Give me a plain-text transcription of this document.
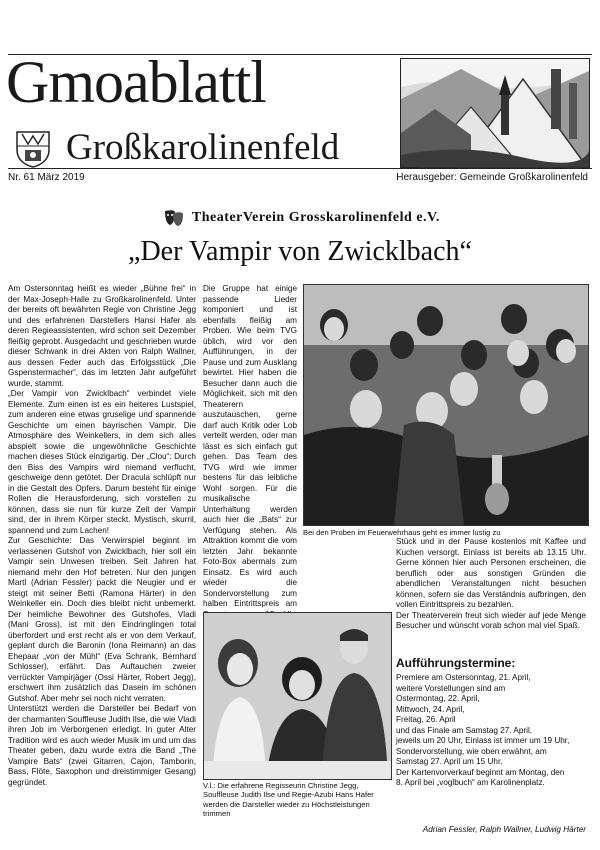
Gmoablattl
Großkarolinenfeld
Nr. 61 März 2019	Herausgeber: Gemeinde Großkarolinenfeld
TheaterVerein Grosskarolinenfeld e.V.
„Der Vampir von Zwicklbach“

Am Ostersonntag heißt es wieder „Bühne frei“ in der Max-Joseph-Halle zu Großkarolinenfeld. Unter der bereits oft bewährten Regie von Christine Jegg und des erfahrenen Darstellers Hansi Hafer als deren Regieassistenten, wird schon seit Dezember fleißig geprobt. Ausgedacht und geschrieben wurde dieser Schwank in drei Akten von Ralph Wallner, aus dessen Feder auch das Erfolgsstück „Die Gspenstermacher“, das im letzten Jahr aufgeführt wurde, stammt.

„Der Vampir von Zwicklbach“ verbindet viele Elemente. Zum einen ist es ein heiteres Lustspiel, zum anderen eine etwas gruselige und spannende Geschichte um einen bayrischen Vampir. Die Atmosphäre des Weinkellers, in dem sich alles abspielt sowie die ungewöhnliche Geschichte machen dieses Stück einzigartig. Der „Clou“: Durch den Biss des Vampirs wird niemand verflucht, geschweige denn getötet. Der Dracula schlüpft nur in die Gestalt des Opfers. Darum besteht für einige Rollen die Herausforderung, sich vorstellen zu können, dass sie nun für kurze Zeit der Vampir sind, der in ihrem Körper steckt. Mystisch, skurril, spannend und zum Lachen!

Zur Geschichte: Das Verwirrspiel beginnt im verlassenen Gutshof von Zwicklbach, hier soll ein Vampir sein Unwesen treiben. Seit Jahren hat niemand mehr den Hof betreten. Nur den jungen Martl (Adrian Fessler) packt die Neugier und er steigt mit seiner Betti (Ramona Härter) in den Weinkeller ein. Doch dies bleibt nicht unbemerkt. Der heimliche Bewohner des Gutshofes, Vladi (Mani Gross), ist mit den Eindringlingen total überfordert und erst recht als er von dem Verkauf, geplant durch die Baronin (Iona Reimann) an das Ehepaar „von der Mühl“ (Eva Schrank, Bernhard Schlosser), erfährt. Das Auftauchen zweier verrückter Vampirjäger (Ossi Härter, Robert Jegg), erschwert ihm zusätzlich das Dasein im schönen Gutshof. Aber mehr sei noch nicht verraten.

Unterstützt werden die Darsteller bei Bedarf von der charmanten Souffleuse Judith Ilse, die wie Vladi ihren Job im Verborgenen erledigt. In guter Alter Tradition wird es auch wieder Musik im und um das Theater geben, dazu wurde extra die Band „The Vampire Bats“ (zwei Gitarren, Cajon, Tamborin, Bass, Flöte, Saxophon und dreistimmiger Gesang) gegründet.

Die Gruppe hat einige passende Lieder komponiert und ist ebenfalls fleißig am Proben. Wie beim TVG üblich, wird vor den Aufführungen, in der Pause und zum Ausklang bewirtet. Hier haben die Besucher dann auch die Möglichkeit, sich mit den Theaterern auszutauschen, gerne darf auch Kritik oder Lob verteilt werden, oder man lässt es sich einfach gut gehen. Das Team des TVG wird wie immer bestens für das leibliche Wohl sorgen. Für die musikalische Unterhaltung werden auch hier die „Bats“ zur Verfügung stehen. Als Attraktion kommt die vom letzten Jahr bekannte Foto-Box abermals zum Einsatz. Es wird auch wieder die Sondervorstellung zum halben Eintrittspreis am

Bei den Proben im Feuerwehrhaus geht es immer lustig zu

Stück und in der Pause kostenlos mit Kaffee und Kuchen versorgt. Einlass ist bereits ab 13.15 Uhr. Gerne können hier auch Personen erscheinen, die beruflich oder aus sonstigen Gründen die abendlichen Veranstaltungen nicht besuchen können, sofern sie das Verständnis aufbringen, den vollen Eintrittspreis zu bezahlen.

Der Theaterverein freut sich wieder auf jede Menge Besucher und wünscht vorab schon mal viel Spaß.

V.l.: Die erfahrene Regisseurin Christine Jegg, Souffleuse Judith Ilse und Regie-Azubi Hans Hafer werden die Darsteller wieder zu Höchstleistungen trimmen
Aufführungstermine:
Premiere am Ostersonntag, 21. April,
weitere Vorstellungen sind am
Ostermontag, 22. April,
Mittwoch, 24. April,
Freitag, 26. April
und das Finale am Samstag 27. April,
jeweils um 20 Uhr, Einlass ist immer um 19 Uhr,
Sondervorstellung, wie oben erwähnt, am
Samstag 27. April um 15 Uhr.
Der Kartenvorverkauf beginnt am Montag, den
8. April bei „voglbuch“ am Karolinenplatz.
Adrian Fessler, Ralph Wallner, Ludwig Härter
